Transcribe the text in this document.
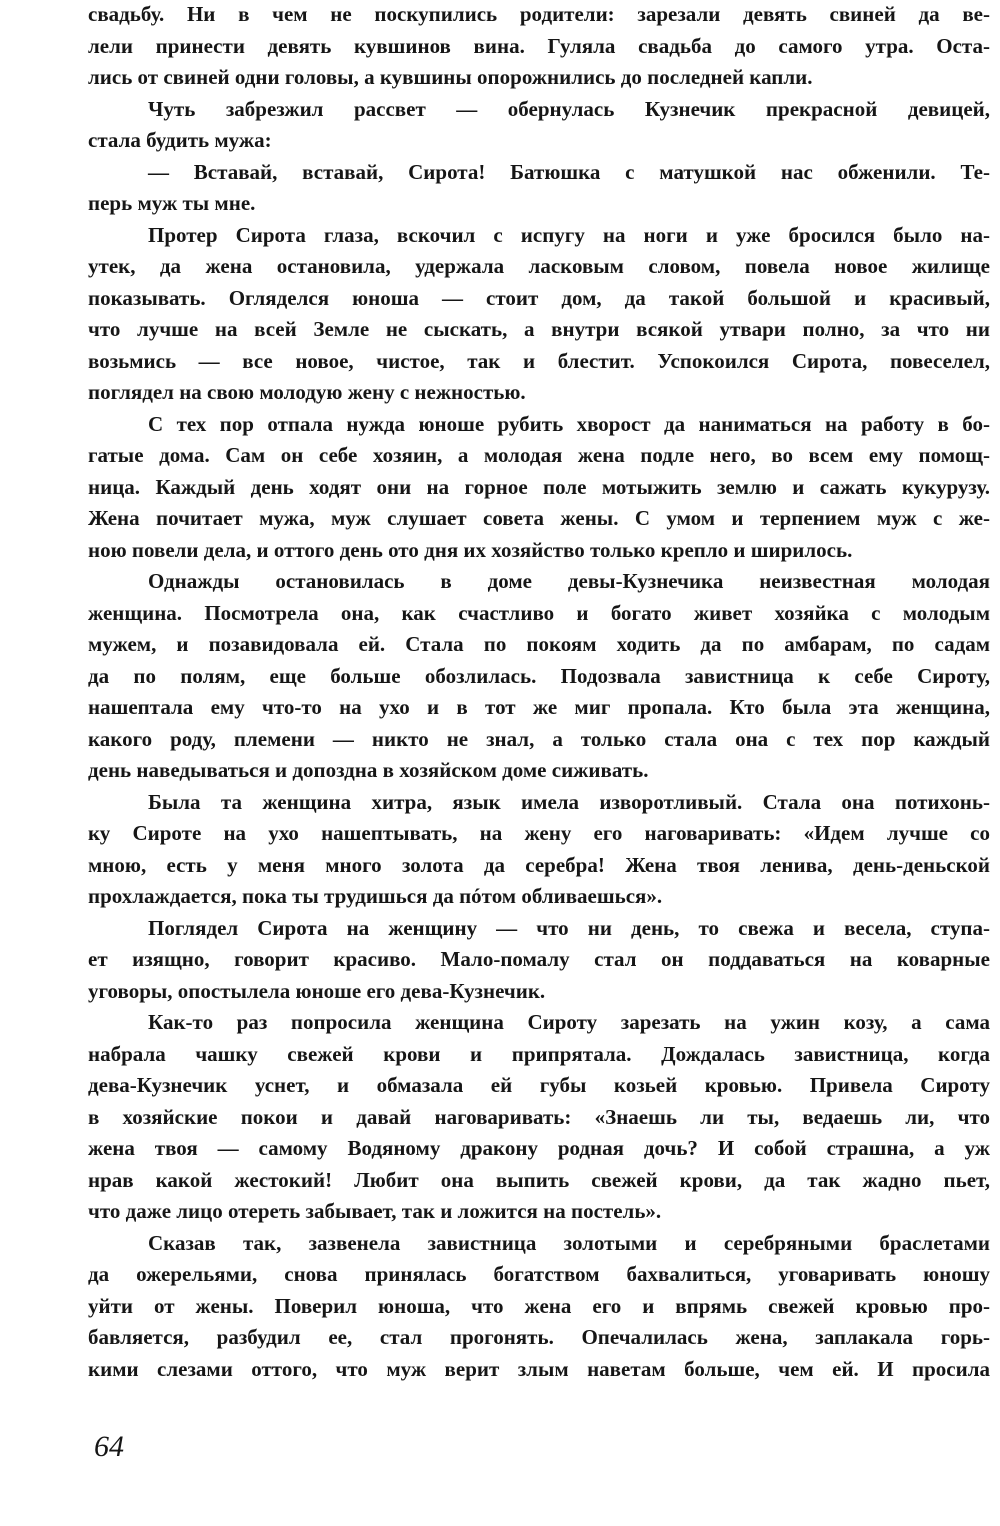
свадьбу. Ни в чем не поскупились родители: зарезали девять свиней да ве-
лели принести девять кувшинов вина. Гуляла свадьба до самого утра. Оста-
лись от свиней одни головы, а кувшины опорожнились до последней капли.
Чуть забрезжил рассвет — обернулась Кузнечик прекрасной девицей,
стала будить мужа:
— Вставай, вставай, Сирота! Батюшка с матушкой нас обженили. Те-
перь муж ты мне.
Протер Сирота глаза, вскочил с испугу на ноги и уже бросился было на-
утек, да жена остановила, удержала ласковым словом, повела новое жилище
показывать. Огляделся юноша — стоит дом, да такой большой и красивый,
что лучше на всей Земле не сыскать, а внутри всякой утвари полно, за что ни
возьмись — все новое, чистое, так и блестит. Успокоился Сирота, повеселел,
поглядел на свою молодую жену с нежностью.
С тех пор отпала нужда юноше рубить хворост да наниматься на работу в бо-
гатые дома. Сам он себе хозяин, а молодая жена подле него, во всем ему помощ-
ница. Каждый день ходят они на горное поле мотыжить землю и сажать кукурузу.
Жена почитает мужа, муж слушает совета жены. С умом и терпением муж с же-
ною повели дела, и оттого день ото дня их хозяйство только крепло и ширилось.
Однажды остановилась в доме девы-Кузнечика неизвестная молодая
женщина. Посмотрела она, как счастливо и богато живет хозяйка с молодым
мужем, и позавидовала ей. Стала по покоям ходить да по амбарам, по садам
да по полям, еще больше обозлилась. Подозвала завистница к себе Сироту,
нашептала ему что-то на ухо и в тот же миг пропала. Кто была эта женщина,
какого роду, племени — никто не знал, а только стала она с тех пор каждый
день наведываться и допоздна в хозяйском доме сиживать.
Была та женщина хитра, язык имела изворотливый. Стала она потихонь-
ку Сироте на ухо нашептывать, на жену его наговаривать: «Идем лучше со
мною, есть у меня много золота да серебра! Жена твоя ленива, день-деньской
прохлаждается, пока ты трудишься да пóтом обливаешься».
Поглядел Сирота на женщину — что ни день, то свежа и весела, ступа-
ет изящно, говорит красиво. Мало-помалу стал он поддаваться на коварные
уговоры, опостылела юноше его дева-Кузнечик.
Как-то раз попросила женщина Сироту зарезать на ужин козу, а сама
набрала чашку свежей крови и припрятала. Дождалась завистница, когда
дева-Кузнечик уснет, и обмазала ей губы козьей кровью. Привела Сироту
в хозяйские покои и давай наговаривать: «Знаешь ли ты, ведаешь ли, что
жена твоя — самому Водяному дракону родная дочь? И собой страшна, а уж
нрав какой жестокий! Любит она выпить свежей крови, да так жадно пьет,
что даже лицо отереть забывает, так и ложится на постель».
Сказав так, зазвенела завистница золотыми и серебряными браслетами
да ожерельями, снова принялась богатством бахвалиться, уговаривать юношу
уйти от жены. Поверил юноша, что жена его и впрямь свежей кровью про-
бавляется, разбудил ее, стал прогонять. Опечалилась жена, заплакала горь-
кими слезами оттого, что муж верит злым наветам больше, чем ей. И просила
64
